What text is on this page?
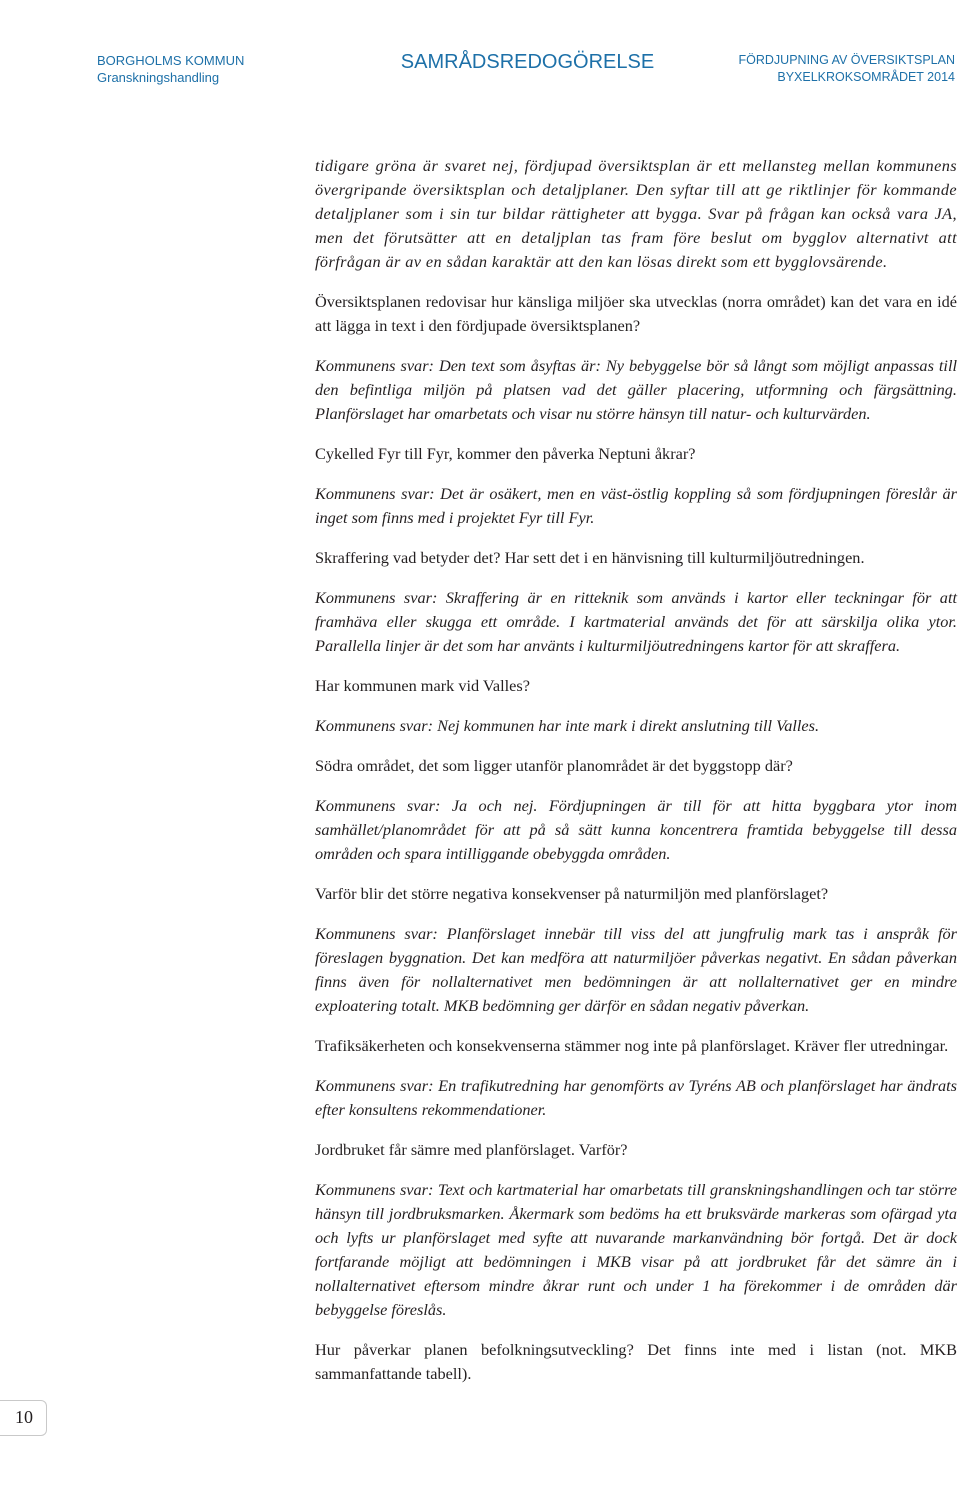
BORGHOLMS KOMMUN
Granskningshandling
SAMRÅDSREDOGÖRELSE	FÖRDJUPNING AV ÖVERSIKTSPLAN
BYXELKROKSOMRÅDET 2014

tidigare gröna är svaret nej, fördjupad översiktsplan är ett mellansteg mellan kommunens övergripande översiktsplan och detaljplaner. Den syftar till att ge riktlinjer för kommande detaljplaner som i sin tur bildar rättigheter att bygga. Svar på frågan kan också vara JA, men det förutsätter att en detaljplan tas fram före beslut om bygglov alternativt att förfrågan är av en sådan karaktär att den kan lösas direkt som ett bygglovsärende.

Översiktsplanen redovisar hur känsliga miljöer ska utvecklas (norra området) kan det vara en idé att lägga in text i den fördjupade översiktsplanen?

Kommunens svar: Den text som åsyftas är: Ny bebyggelse bör så långt som möjligt anpassas till den befintliga miljön på platsen vad det gäller placering, utformning och färgsättning. Planförslaget har omarbetats och visar nu större hänsyn till natur- och kulturvärden.

Cykelled Fyr till Fyr, kommer den påverka Neptuni åkrar?

Kommunens svar: Det är osäkert, men en väst-östlig koppling så som fördjupningen föreslår är inget som finns med i projektet Fyr till Fyr.

Skraffering vad betyder det? Har sett det i en hänvisning till kulturmiljöutredningen.

Kommunens svar: Skraffering är en ritteknik som används i kartor eller teckningar för att framhäva eller skugga ett område. I kartmaterial används det för att särskilja olika ytor. Parallella linjer är det som har använts i kulturmiljöutredningens kartor för att skraffera.

Har kommunen mark vid Valles?

Kommunens svar: Nej kommunen har inte mark i direkt anslutning till Valles.

Södra området, det som ligger utanför planområdet är det byggstopp där?

Kommunens svar: Ja och nej. Fördjupningen är till för att hitta byggbara ytor inom samhället/planområdet för att på så sätt kunna koncentrera framtida bebyggelse till dessa områden och spara intilliggande obebyggda områden.

Varför blir det större negativa konsekvenser på naturmiljön med planförslaget?

Kommunens svar: Planförslaget innebär till viss del att jungfrulig mark tas i anspråk för föreslagen byggnation. Det kan medföra att naturmiljöer påverkas negativt. En sådan påverkan finns även för nollalternativet men bedömningen är att nollalternativet ger en mindre exploatering totalt. MKB bedömning ger därför en sådan negativ påverkan.

Trafiksäkerheten och konsekvenserna stämmer nog inte på planförslaget. Kräver fler utredningar.

Kommunens svar: En trafikutredning har genomförts av Tyréns AB och planförslaget har ändrats efter konsultens rekommendationer.

Jordbruket får sämre med planförslaget. Varför?

Kommunens svar: Text och kartmaterial har omarbetats till granskningshandlingen och tar större hänsyn till jordbruksmarken. Åkermark som bedöms ha ett bruksvärde markeras som ofärgad yta och lyfts ur planförslaget med syfte att nuvarande markanvändning bör fortgå. Det är dock fortfarande möjligt att bedömningen i MKB visar på att jordbruket får det sämre än i nollalternativet eftersom mindre åkrar runt och under 1 ha förekommer i de områden där bebyggelse föreslås.

Hur påverkar planen befolkningsutveckling? Det finns inte med i listan (not. MKB sammanfattande tabell).

10
